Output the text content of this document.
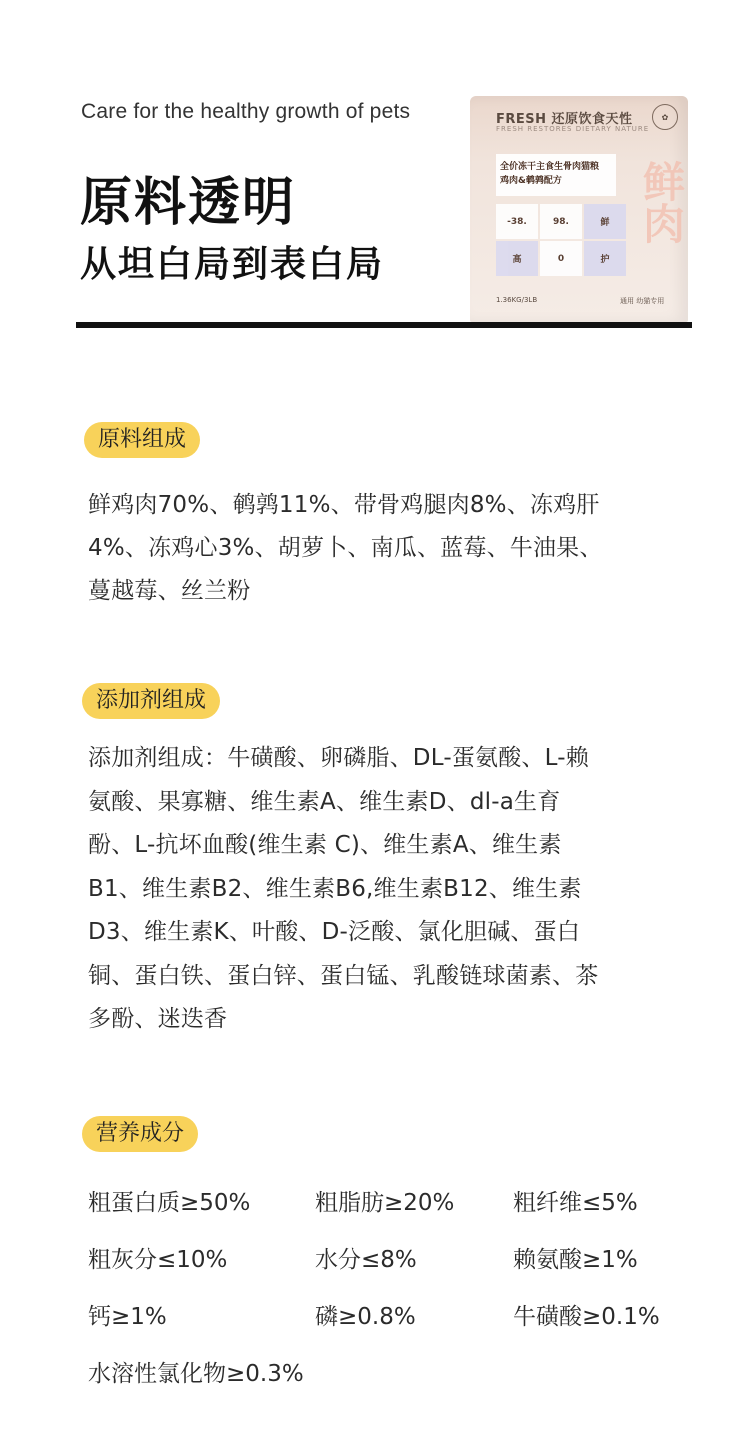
Care for the healthy growth of pets
原料透明
从坦白局到表白局
FRESH 还原饮食天性	✿
FRESH RESTORES DIETARY NATURE
全价冻干主食生骨肉猫粮
鸡肉&鹌鹑配方 鲜肉
-38.	98.	鲜
高	0	护
1.36KG/3LB	通用 幼猫专用
原料组成
鲜鸡肉70%、鹌鹑11%、带骨鸡腿肉8%、冻鸡肝
4%、冻鸡心3%、胡萝卜、南瓜、蓝莓、牛油果、
蔓越莓、丝兰粉
添加剂组成
添加剂组成：牛磺酸、卵磷脂、DL-蛋氨酸、L-赖
氨酸、果寡糖、维生素A、维生素D、dl-a生育
酚、L-抗坏血酸(维生素 C)、维生素A、维生素
B1、维生素B2、维生素B6,维生素B12、维生素
D3、维生素K、叶酸、D-泛酸、氯化胆碱、蛋白
铜、蛋白铁、蛋白锌、蛋白锰、乳酸链球菌素、茶
多酚、迷迭香
营养成分
粗蛋白质≥50%	粗脂肪≥20%	粗纤维≤5%
粗灰分≤10%	水分≤8%	赖氨酸≥1%
钙≥1%	磷≥0.8%	牛磺酸≥0.1%
水溶性氯化物≥0.3%
